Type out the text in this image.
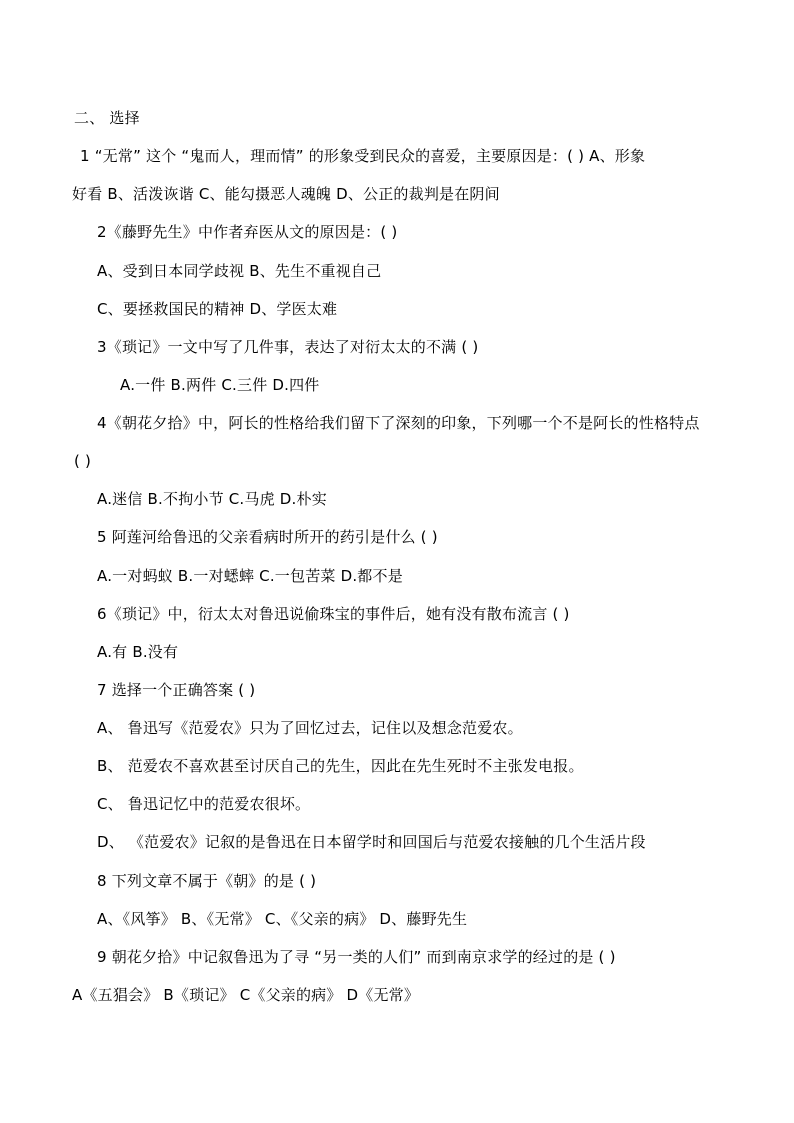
二、 选择
1 “无常” 这个 “鬼而人，理而情” 的形象受到民众的喜爱，主要原因是：( ) A、形象
好看 B、活泼诙谐 C、能勾摄恶人魂魄 D、公正的裁判是在阴间
2《藤野先生》中作者弃医从文的原因是：( )
A、受到日本同学歧视 B、先生不重视自己
C、要拯救国民的精神 D、学医太难
3《琐记》一文中写了几件事，表达了对衍太太的不满 ( )
A.一件 B.两件 C.三件 D.四件
4《朝花夕拾》中，阿长的性格给我们留下了深刻的印象，下列哪一个不是阿长的性格特点
( )
A.迷信 B.不拘小节 C.马虎 D.朴实
5 阿莲河给鲁迅的父亲看病时所开的药引是什么 ( )
A.一对蚂蚁 B.一对蟋蟀 C.一包苦菜 D.都不是
6《琐记》中，衍太太对鲁迅说偷珠宝的事件后，她有没有散布流言 ( )
A.有 B.没有
7 选择一个正确答案 ( )
A、 鲁迅写《范爱农》只为了回忆过去，记住以及想念范爱农。
B、 范爱农不喜欢甚至讨厌自己的先生，因此在先生死时不主张发电报。
C、 鲁迅记忆中的范爱农很坏。
D、 《范爱农》记叙的是鲁迅在日本留学时和回国后与范爱农接触的几个生活片段
8 下列文章不属于《朝》的是 ( )
A、《风筝》 B、《无常》 C、《父亲的病》 D、藤野先生
9 朝花夕拾》中记叙鲁迅为了寻 “另一类的人们” 而到南京求学的经过的是 ( )
A《五猖会》 B《琐记》 C《父亲的病》 D《无常》
